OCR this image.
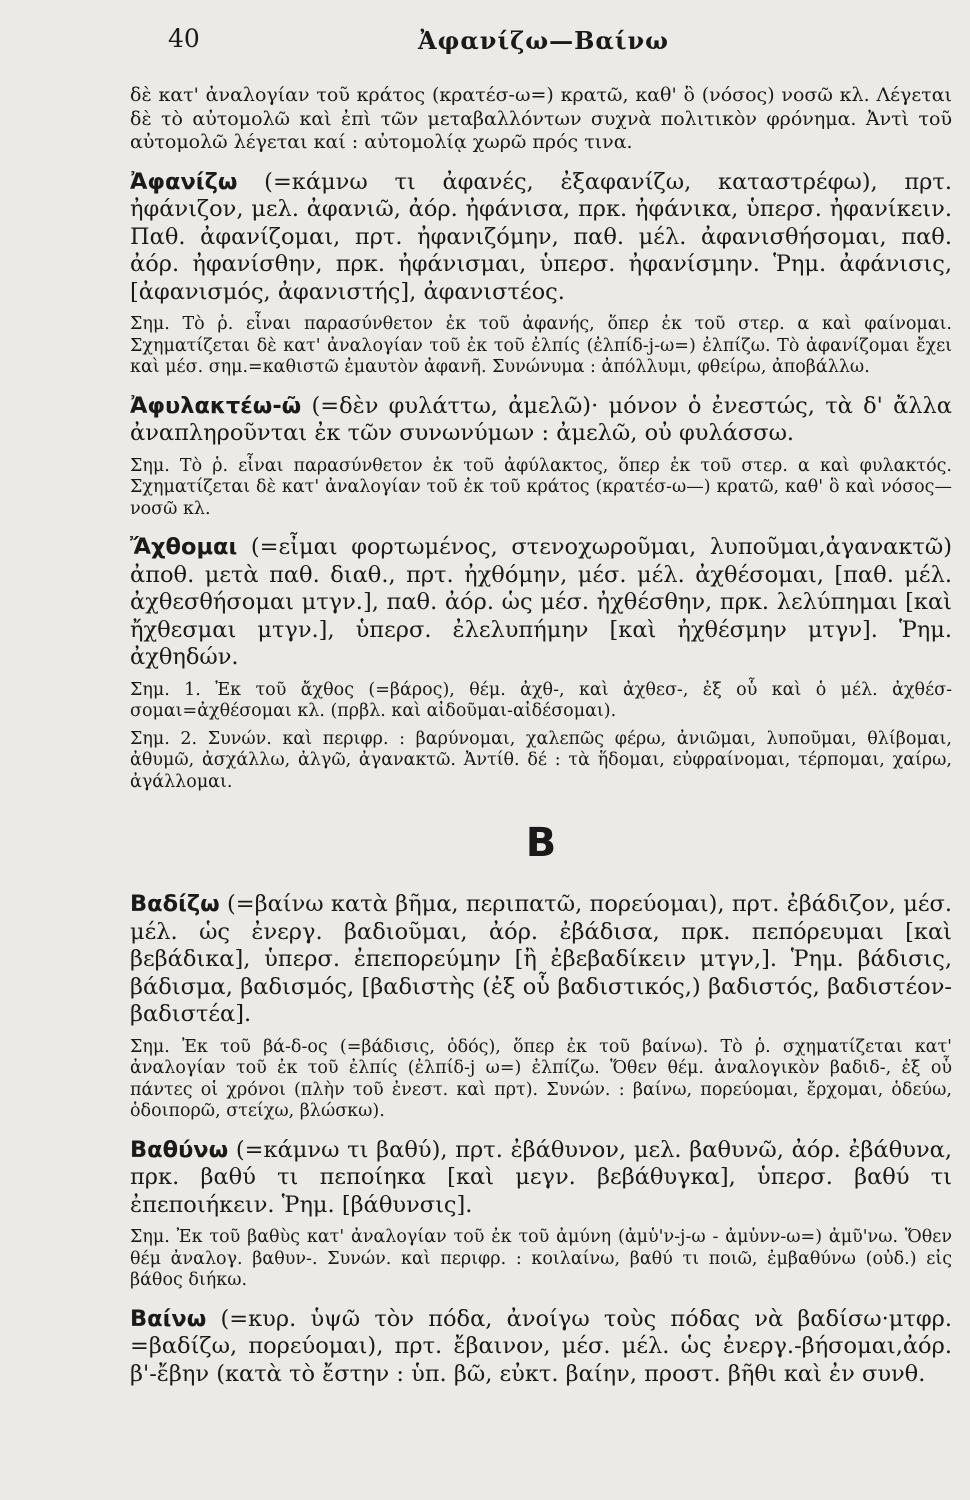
40	Ἀφανίζω—Βαίνω

δὲ κατ' ἀναλογίαν τοῦ κράτος (κρατέσ-ω=) κρατῶ, καθ' ὃ (νόσος) νοσῶ κλ. Λέγεται δὲ τὸ αὐτομολῶ καὶ ἐπὶ τῶν μεταβαλλόντων συχνὰ πολιτικὸν φρόνημα. Ἀντὶ τοῦ αὐτομολῶ λέγεται καί : αὐτομολίᾳ χωρῶ πρός τινα.

Ἀφανίζω (=κάμνω τι ἀφανές, ἐξαφανίζω, καταστρέφω), πρτ. ἠφάνιζον, μελ. ἀφανιῶ, ἀόρ. ἠφάνισα, πρκ. ἠφάνικα, ὑπερσ. ἠφανίκειν. Παθ. ἀφανίζομαι, πρτ. ἠφανιζόμην, παθ. μέλ. ἀφανισθήσομαι, παθ. ἀόρ. ἠφανίσθην, πρκ. ἠφάνισμαι, ὑπερσ. ἠφανίσμην. Ῥημ. ἀφάνισις, [ἀφανισμός, ἀφανιστής], ἀφανιστέος.

Σημ. Τὸ ῥ. εἶναι παρασύνθετον ἐκ τοῦ ἀφανής, ὅπερ ἐκ τοῦ στερ. α καὶ φαίνομαι. Σχηματίζεται δὲ κατ' ἀναλογίαν τοῦ ἐκ τοῦ ἐλπίς (ἐλπίδ-j-ω=) ἐλπίζω. Τὸ ἀφανίζομαι ἔχει καὶ μέσ. σημ.=καθιστῶ ἐμαυτὸν ἀφανῆ. Συνώνυμα : ἀπόλλυμι, φθείρω, ἀποβάλλω.

Ἀφυλακτέω-ῶ (=δὲν φυλάττω, ἀμελῶ)· μόνον ὁ ἐνεστώς, τὰ δ' ἄλλα ἀναπληροῦνται ἐκ τῶν συνωνύμων : ἀμελῶ, οὐ φυλάσσω.

Σημ. Τὸ ῥ. εἶναι παρασύνθετον ἐκ τοῦ ἀφύλακτος, ὅπερ ἐκ τοῦ στερ. α καὶ φυλακτός. Σχηματίζεται δὲ κατ' ἀναλογίαν τοῦ ἐκ τοῦ κράτος (κρατέσ-ω—) κρατῶ, καθ' ὃ καὶ νόσος—νοσῶ κλ.

Ἄχθομαι (=εἶμαι φορτωμένος, στενοχωροῦμαι, λυποῦμαι,ἀγανακτῶ) ἀποθ. μετὰ παθ. διαθ., πρτ. ἠχθόμην, μέσ. μέλ. ἀχθέσομαι, [παθ. μέλ. ἀχθεσθήσομαι μτγν.], παθ. ἀόρ. ὡς μέσ. ἠχθέσθην, πρκ. λελύπημαι [καὶ ἤχθεσμαι μτγν.], ὑπερσ. ἐλελυπήμην [καὶ ἠχθέσμην μτγν]. Ῥημ. ἀχθηδών.

Σημ. 1. Ἐκ τοῦ ἄχθος (=βάρος), θέμ. ἀχθ-, καὶ ἀχθεσ-, ἐξ οὗ καὶ ὁ μέλ. ἀχθέσ-σομαι=ἀχθέσομαι κλ. (πρβλ. καὶ αἰδοῦμαι-αἰδέσομαι).

Σημ. 2. Συνών. καὶ περιφρ. : βαρύνομαι, χαλεπῶς φέρω, ἀνιῶμαι, λυποῦμαι, θλίβομαι, ἀθυμῶ, ἀσχάλλω, ἀλγῶ, ἀγανακτῶ. Ἀντίθ. δέ : τὰ ἥδομαι, εὐφραίνομαι, τέρπομαι, χαίρω, ἀγάλλομαι.

Β

Βαδίζω (=βαίνω κατὰ βῆμα, περιπατῶ, πορεύομαι), πρτ. ἐβάδιζον, μέσ. μέλ. ὡς ἐνεργ. βαδιοῦμαι, ἀόρ. ἐβάδισα, πρκ. πεπόρευμαι [καὶ βεβάδικα], ὑπερσ. ἐπεπορεύμην [ἢ ἐβεβαδίκειν μτγν,]. Ῥημ. βάδισις, βάδισμα, βαδισμός, [βαδιστὴς (ἐξ οὗ βαδιστικός,) βαδιστός, βαδιστέον- βαδιστέα].

Σημ. Ἐκ τοῦ βά-δ-ος (=βάδισις, ὁδός), ὅπερ ἐκ τοῦ βαίνω). Τὸ ῥ. σχηματίζεται κατ' ἀναλογίαν τοῦ ἐκ τοῦ ἐλπίς (ἐλπίδ-j ω=) ἐλπίζω. Ὅθεν θέμ. ἀναλογικὸν βαδιδ-, ἐξ οὗ πάντες οἱ χρόνοι (πλὴν τοῦ ἐνεστ. καὶ πρτ). Συνών. : βαίνω, πορεύομαι, ἔρχομαι, ὁδεύω, ὁδοιπορῶ, στείχω, βλώσκω).

Βαθύνω (=κάμνω τι βαθύ), πρτ. ἐβάθυνον, μελ. βαθυνῶ, ἀόρ. ἐβάθυνα, πρκ. βαθύ τι πεποίηκα [καὶ μεγν. βεβάθυγκα], ὑπερσ. βαθύ τι ἐπεποιήκειν. Ῥημ. [βάθυνσις].

Σημ. Ἐκ τοῦ βαθὺς κατ' ἀναλογίαν τοῦ ἐκ τοῦ ἀμύνη (ἀμὑ'ν-j-ω - ἀμὑνν-ω=) ἀμῦ'νω. Ὅθεν θέμ ἀναλογ. βαθυν-. Συνών. καὶ περιφρ. : κοιλαίνω, βαθύ τι ποιῶ, ἐμβαθύνω (οὐδ.) εἰς βάθος διήκω.

Βαίνω (=κυρ. ὑψῶ τὸν πόδα, ἀνοίγω τοὺς πόδας νὰ βαδίσω·μτφρ. =βαδίζω, πορεύομαι), πρτ. ἔβαινον, μέσ. μέλ. ὡς ἐνεργ.-βήσομαι,ἀόρ. β'-ἔβην (κατὰ τὸ ἔστην : ὑπ. βῶ, εὐκτ. βαίην, προστ. βῆθι καὶ ἐν συνθ.
